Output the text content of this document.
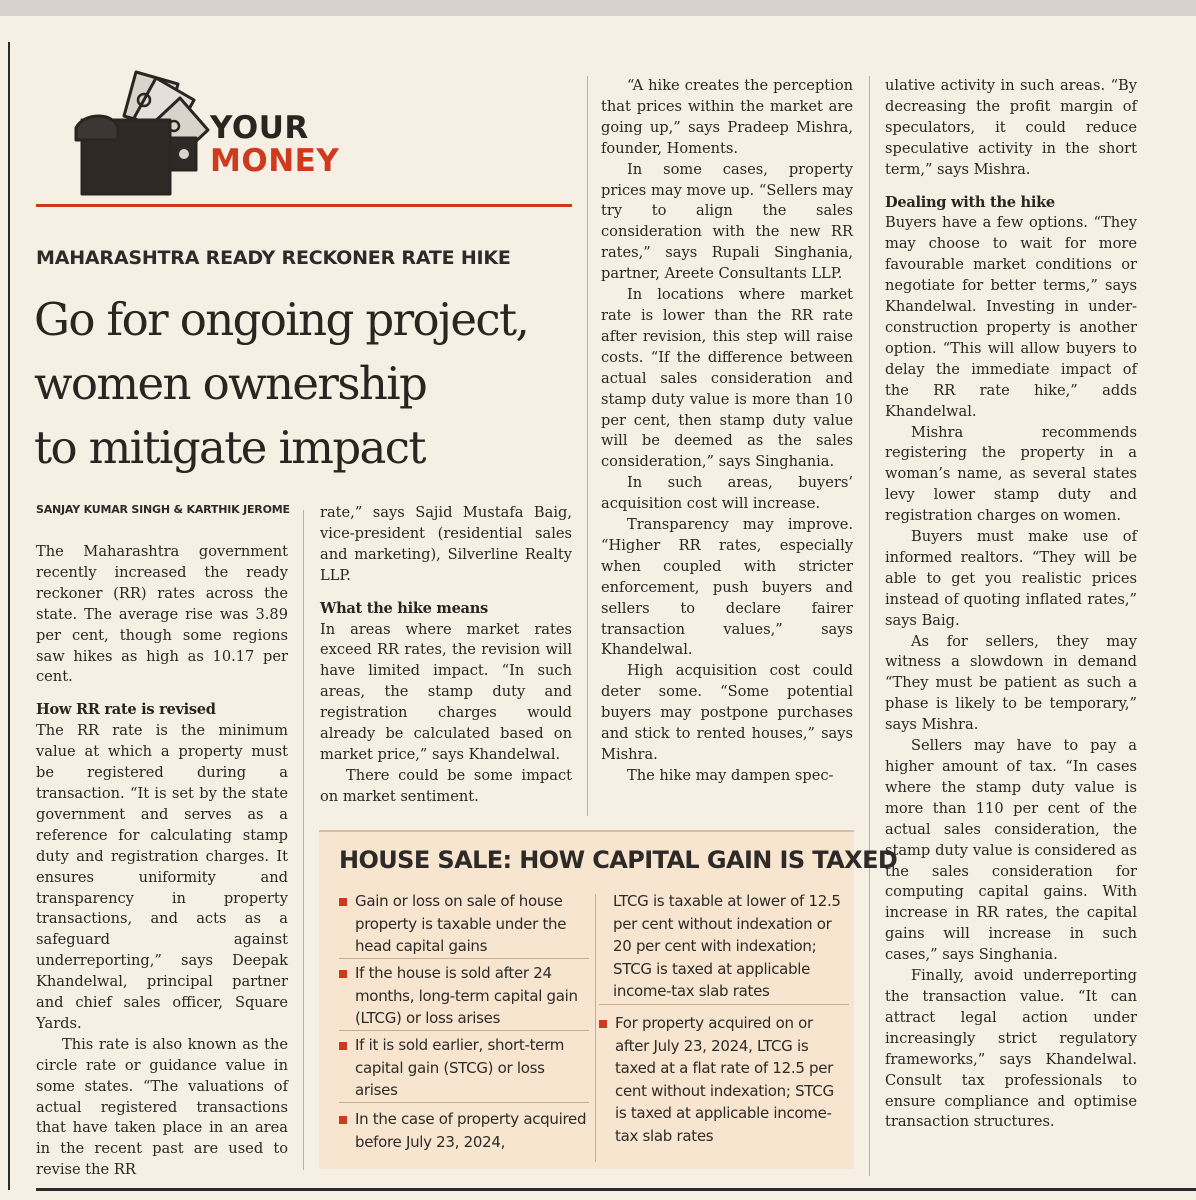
YOUR
MONEY
MAHARASHTRA READY RECKONER RATE HIKE
Go for ongoing project,
women ownership
to mitigate impact
SANJAY KUMAR SINGH & KARTHIK JEROME

The Maharashtra government recently increased the ready reckoner (RR) rates across the state. The average rise was 3.89 per cent, though some regions saw hikes as high as 10.17 per cent.

How RR rate is revised

The RR rate is the minimum value at which a property must be registered during a transaction. “It is set by the state government and serves as a reference for calculating stamp duty and registration charges. It ensures uniformity and transparency in property transactions, and acts as a safeguard against underreporting,” says Deepak Khandelwal, principal partner and chief sales officer, Square Yards.

This rate is also known as the circle rate or guidance value in some states. “The valuations of actual registered transactions that have taken place in an area in the recent past are used to revise the RR

rate,” says Sajid Mustafa Baig, vice-president (residential sales and marketing), Silverline Realty LLP.

What the hike means

In areas where market rates exceed RR rates, the revision will have limited impact. “In such areas, the stamp duty and registration charges would already be calculated based on market price,” says Khandelwal.

There could be some impact on market sentiment.

“A hike creates the perception that prices within the market are going up,” says Pradeep Mishra, founder, Homents.

In some cases, property prices may move up. “Sellers may try to align the sales consideration with the new RR rates,” says Rupali Singhania, partner, Areete Consultants LLP.

In locations where market rate is lower than the RR rate after revision, this step will raise costs. “If the difference between actual sales consideration and stamp duty value is more than 10 per cent, then stamp duty value will be deemed as the sales consideration,” says Singhania.

In such areas, buyers’ acquisition cost will increase.

Transparency may improve. “Higher RR rates, especially when coupled with stricter enforcement, push buyers and sellers to declare fairer transaction values,” says Khandelwal.

High acquisition cost could deter some. “Some potential buyers may postpone purchases and stick to rented houses,” says Mishra.

The hike may dampen spec-

ulative activity in such areas. “By decreasing the profit margin of speculators, it could reduce speculative activity in the short term,” says Mishra.

Dealing with the hike

Buyers have a few options. “They may choose to wait for more favourable market conditions or negotiate for better terms,” says Khandelwal. Investing in under-construction property is another option. “This will allow buyers to delay the immediate impact of the RR rate hike,” adds Khandelwal.

Mishra recommends registering the property in a woman’s name, as several states levy lower stamp duty and registration charges on women.

Buyers must make use of informed realtors. “They will be able to get you realistic prices instead of quoting inflated rates,” says Baig.

As for sellers, they may witness a slowdown in demand “They must be patient as such a phase is likely to be temporary,” says Mishra.

Sellers may have to pay a higher amount of tax. “In cases where the stamp duty value is more than 110 per cent of the actual sales consideration, the stamp duty value is considered as the sales consideration for computing capital gains. With increase in RR rates, the capital gains will increase in such cases,” says Singhania.

Finally, avoid underreporting the transaction value. “It can attract legal action under increasingly strict regulatory frameworks,” says Khandelwal. Consult tax professionals to ensure compliance and optimise transaction structures.

HOUSE SALE: HOW CAPITAL GAIN IS TAXED
Gain or loss on sale of house property is taxable under the head capital gains
If the house is sold after 24 months, long-term capital gain (LTCG) or loss arises
If it is sold earlier, short-term capital gain (STCG) or loss arises
In the case of property acquired before July 23, 2024,
LTCG is taxable at lower of 12.5 per cent without indexation or 20 per cent with indexation; STCG is taxed at applicable income-tax slab rates
For property acquired on or after July 23, 2024, LTCG is taxed at a flat rate of 12.5 per cent without indexation; STCG is taxed at applicable income-tax slab rates
